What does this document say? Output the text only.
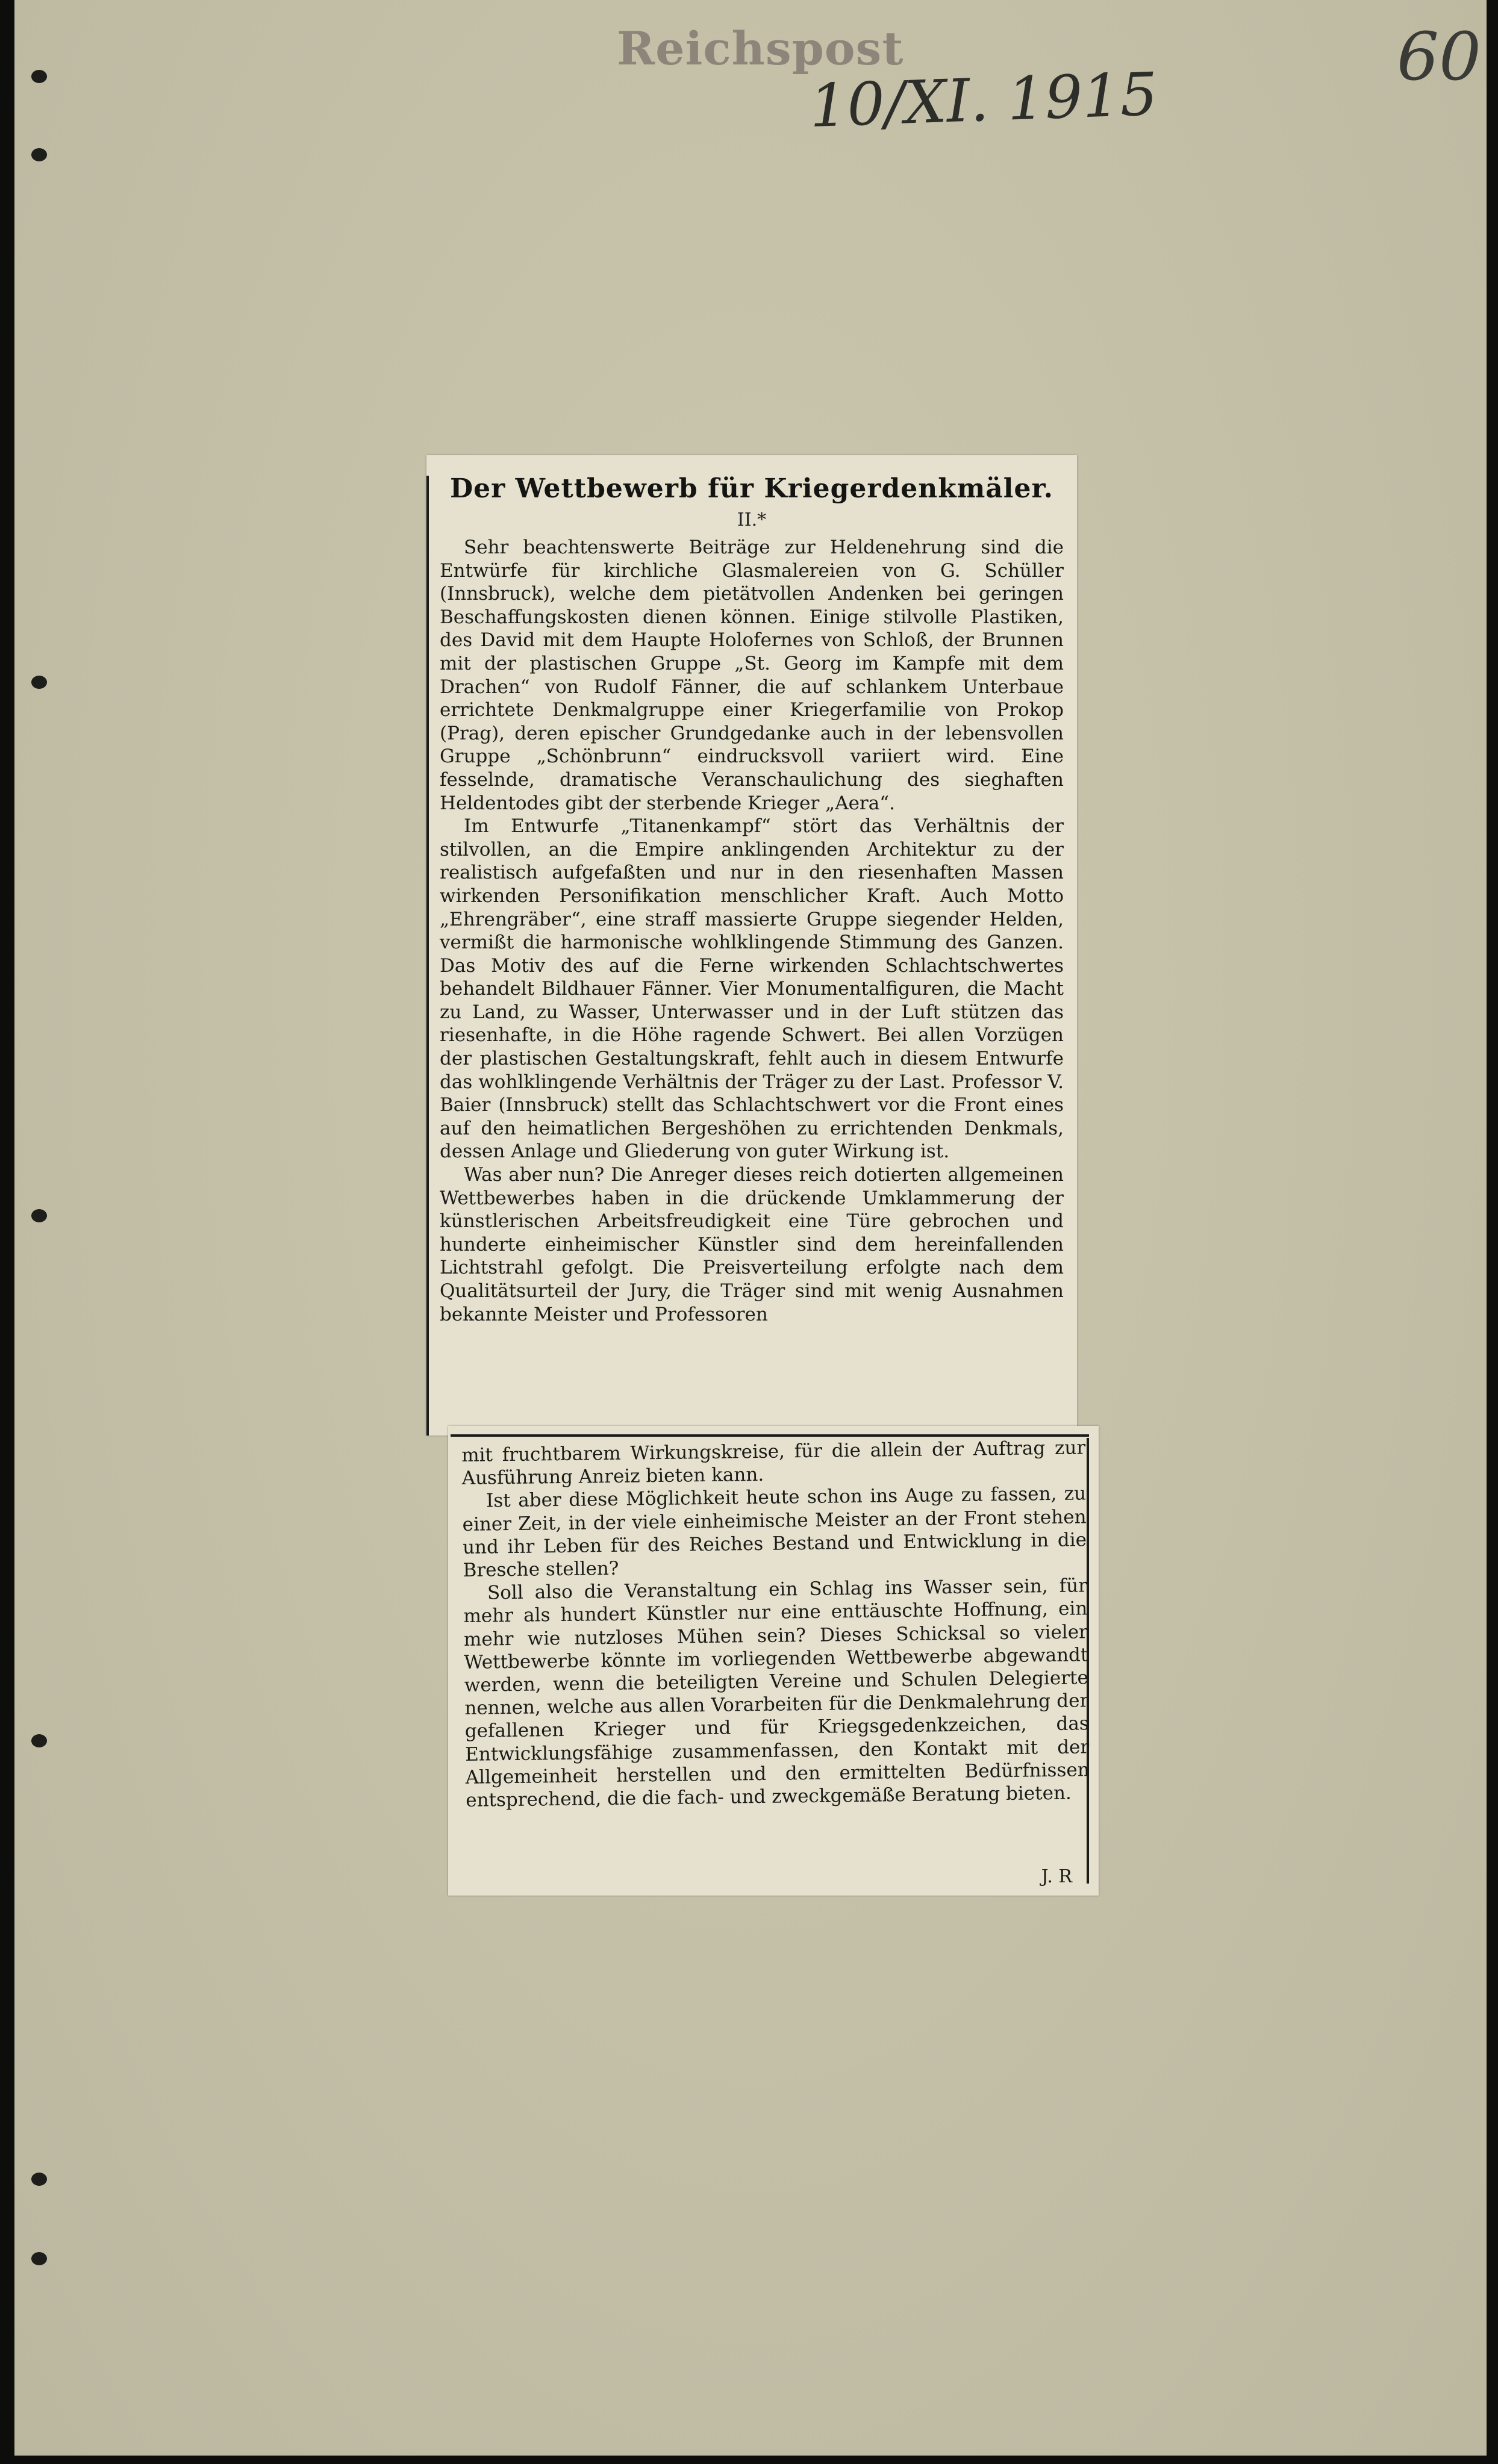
Reichspost
10/XI. 1915
60
Der Wettbewerb für Kriegerdenkmäler.
II.*

Sehr beachtenswerte Beiträge zur Heldenehrung sind die Entwürfe für kirchliche Glasmalereien von G. Schüller (Innsbruck), welche dem pietätvollen Andenken bei geringen Beschaffungskosten dienen können. Einige stilvolle Plastiken, des David mit dem Haupte Holofernes von Schloß, der Brunnen mit der plastischen Gruppe „St. Georg im Kampfe mit dem Drachen“ von Rudolf Fänner, die auf schlankem Unterbaue errichtete Denkmalgruppe einer Kriegerfamilie von Prokop (Prag), deren epischer Grundgedanke auch in der lebensvollen Gruppe „Schönbrunn“ eindrucksvoll variiert wird. Eine fesselnde, dramatische Veranschaulichung des sieghaften Heldentodes gibt der sterbende Krieger „Aera“.

Im Entwurfe „Titanenkampf“ stört das Verhältnis der stilvollen, an die Empire anklingenden Architektur zu der realistisch aufgefaßten und nur in den riesenhaften Massen wirkenden Personifikation menschlicher Kraft. Auch Motto „Ehrengräber“, eine straff massierte Gruppe siegender Helden, vermißt die harmonische wohlklingende Stimmung des Ganzen. Das Motiv des auf die Ferne wirkenden Schlachtschwertes behandelt Bildhauer Fänner. Vier Monumentalfiguren, die Macht zu Land, zu Wasser, Unterwasser und in der Luft stützen das riesenhafte, in die Höhe ragende Schwert. Bei allen Vorzügen der plastischen Gestaltungskraft, fehlt auch in diesem Entwurfe das wohlklingende Verhältnis der Träger zu der Last. Professor V. Baier (Innsbruck) stellt das Schlachtschwert vor die Front eines auf den heimatlichen Bergeshöhen zu errichtenden Denkmals, dessen Anlage und Gliederung von guter Wirkung ist.

Was aber nun? Die Anreger dieses reich dotierten allgemeinen Wettbewerbes haben in die drückende Umklammerung der künstlerischen Arbeitsfreudigkeit eine Türe gebrochen und hunderte einheimischer Künstler sind dem hereinfallenden Lichtstrahl gefolgt. Die Preisverteilung erfolgte nach dem Qualitätsurteil der Jury, die Träger sind mit wenig Ausnahmen bekannte Meister und Professoren

mit fruchtbarem Wirkungskreise, für die allein der Auftrag zur Ausführung Anreiz bieten kann.

Ist aber diese Möglichkeit heute schon ins Auge zu fassen, zu einer Zeit, in der viele einheimische Meister an der Front stehen und ihr Leben für des Reiches Bestand und Entwicklung in die Bresche stellen?

Soll also die Veranstaltung ein Schlag ins Wasser sein, für mehr als hundert Künstler nur eine enttäuschte Hoffnung, ein mehr wie nutzloses Mühen sein? Dieses Schicksal so vieler Wettbewerbe könnte im vorliegenden Wettbewerbe abgewandt werden, wenn die beteiligten Vereine und Schulen Delegierte nennen, welche aus allen Vorarbeiten für die Denkmalehrung der gefallenen Krieger und für Kriegsgedenkzeichen, das Entwicklungsfähige zusammenfassen, den Kontakt mit der Allgemeinheit herstellen und den ermittelten Bedürfnissen entsprechend, die die fach- und zweckgemäße Beratung bieten.

J. R
